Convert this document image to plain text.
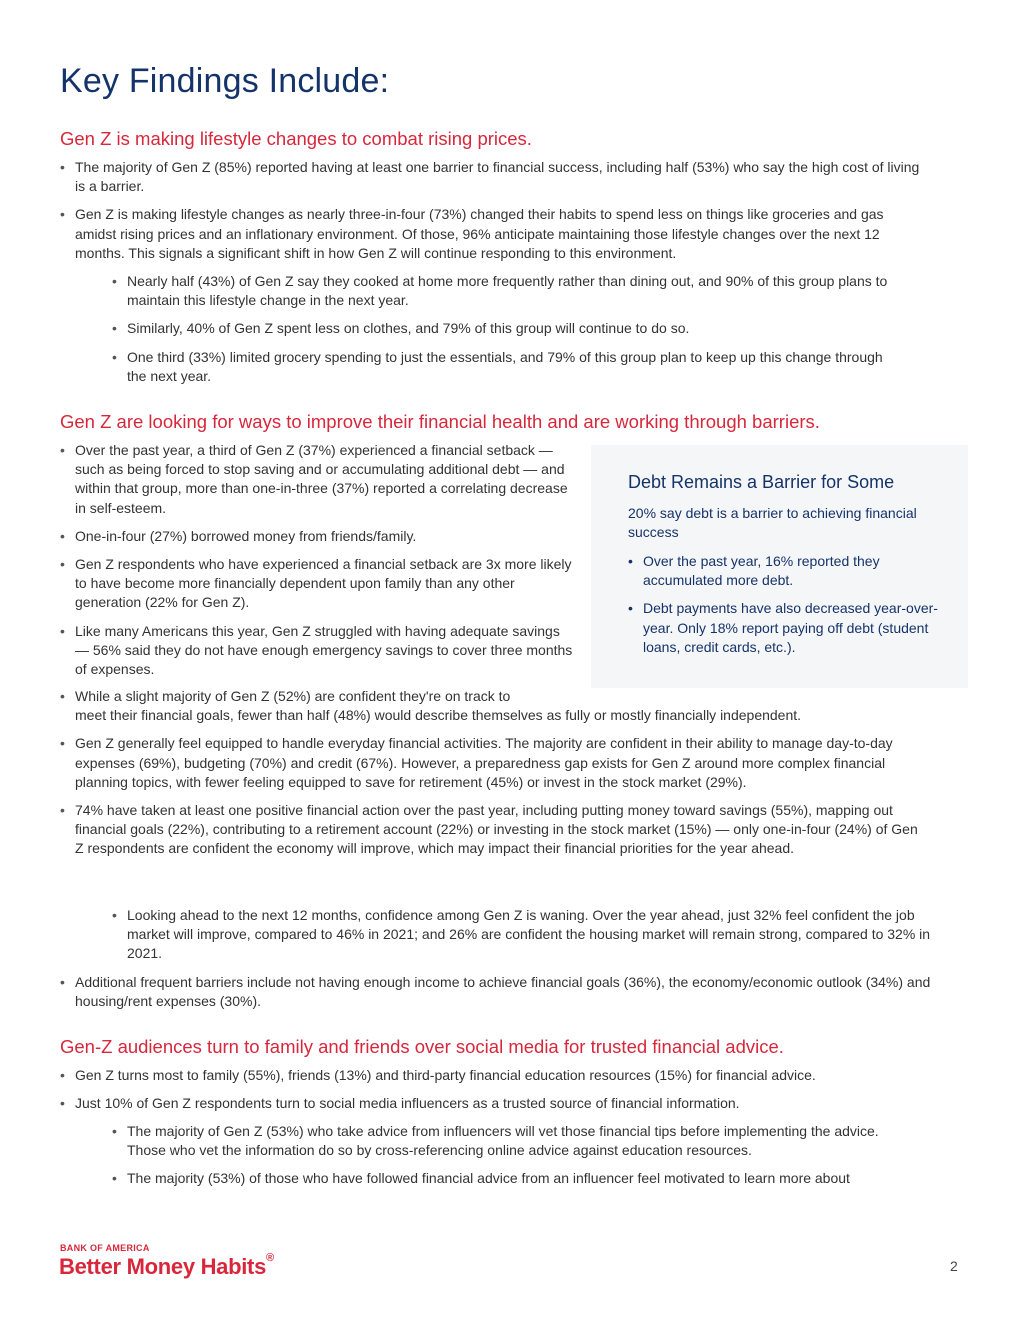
Key Findings Include:
Gen Z is making lifestyle changes to combat rising prices.
• The majority of Gen Z (85%) reported having at least one barrier to financial success, including half (53%) who say the high cost of living is a barrier.
• Gen Z is making lifestyle changes as nearly three-in-four (73%) changed their habits to spend less on things like groceries and gas amidst rising prices and an inflationary environment. Of those, 96% anticipate maintaining those lifestyle changes over the next 12 months. This signals a significant shift in how Gen Z will continue responding to this environment.
• Nearly half (43%) of Gen Z say they cooked at home more frequently rather than dining out, and 90% of this group plans to maintain this lifestyle change in the next year.
• Similarly, 40% of Gen Z spent less on clothes, and 79% of this group will continue to do so.
• One third (33%) limited grocery spending to just the essentials, and 79% of this group plan to keep up this change through the next year.
Gen Z are looking for ways to improve their financial health and are working through barriers.
• Over the past year, a third of Gen Z (37%) experienced a financial setback — such as being forced to stop saving and or accumulating additional debt — and within that group, more than one-in-three (37%) reported a correlating decrease in self-esteem.
• One-in-four (27%) borrowed money from friends/family.
• Gen Z respondents who have experienced a financial setback are 3x more likely to have become more financially dependent upon family than any other generation (22% for Gen Z).
• Like many Americans this year, Gen Z struggled with having adequate savings — 56% said they do not have enough emergency savings to cover three months of expenses.
• While a slight majority of Gen Z (52%) are confident they're on track to
meet their financial goals, fewer than half (48%) would describe themselves as fully or mostly financially independent.
• Gen Z generally feel equipped to handle everyday financial activities. The majority are confident in their ability to manage day-to-day expenses (69%), budgeting (70%) and credit (67%). However, a preparedness gap exists for Gen Z around more complex financial planning topics, with fewer feeling equipped to save for retirement (45%) or invest in the stock market (29%).
• 74% have taken at least one positive financial action over the past year, including putting money toward savings (55%), mapping out financial goals (22%), contributing to a retirement account (22%) or investing in the stock market (15%) — only one-in-four (24%) of Gen Z respondents are confident the economy will improve, which may impact their financial priorities for the year ahead.
• Looking ahead to the next 12 months, confidence among Gen Z is waning. Over the year ahead, just 32% feel confident the job market will improve, compared to 46% in 2021; and 26% are confident the housing market will remain strong, compared to 32% in 2021.
• Additional frequent barriers include not having enough income to achieve financial goals (36%), the economy/economic outlook (34%) and housing/rent expenses (30%).
Debt Remains a Barrier for Some
20% say debt is a barrier to achieving financial success
• Over the past year, 16% reported they accumulated more debt.
• Debt payments have also decreased year-over-year. Only 18% report paying off debt (student loans, credit cards, etc.).
Gen-Z audiences turn to family and friends over social media for trusted financial advice.
• Gen Z turns most to family (55%), friends (13%) and third-party financial education resources (15%) for financial advice.
• Just 10% of Gen Z respondents turn to social media influencers as a trusted source of financial information.
• The majority of Gen Z (53%) who take advice from influencers will vet those financial tips before implementing the advice. Those who vet the information do so by cross-referencing online advice against education resources.
• The majority (53%) of those who have followed financial advice from an influencer feel motivated to learn more about
BANK OF AMERICA
Better Money Habits®	2
